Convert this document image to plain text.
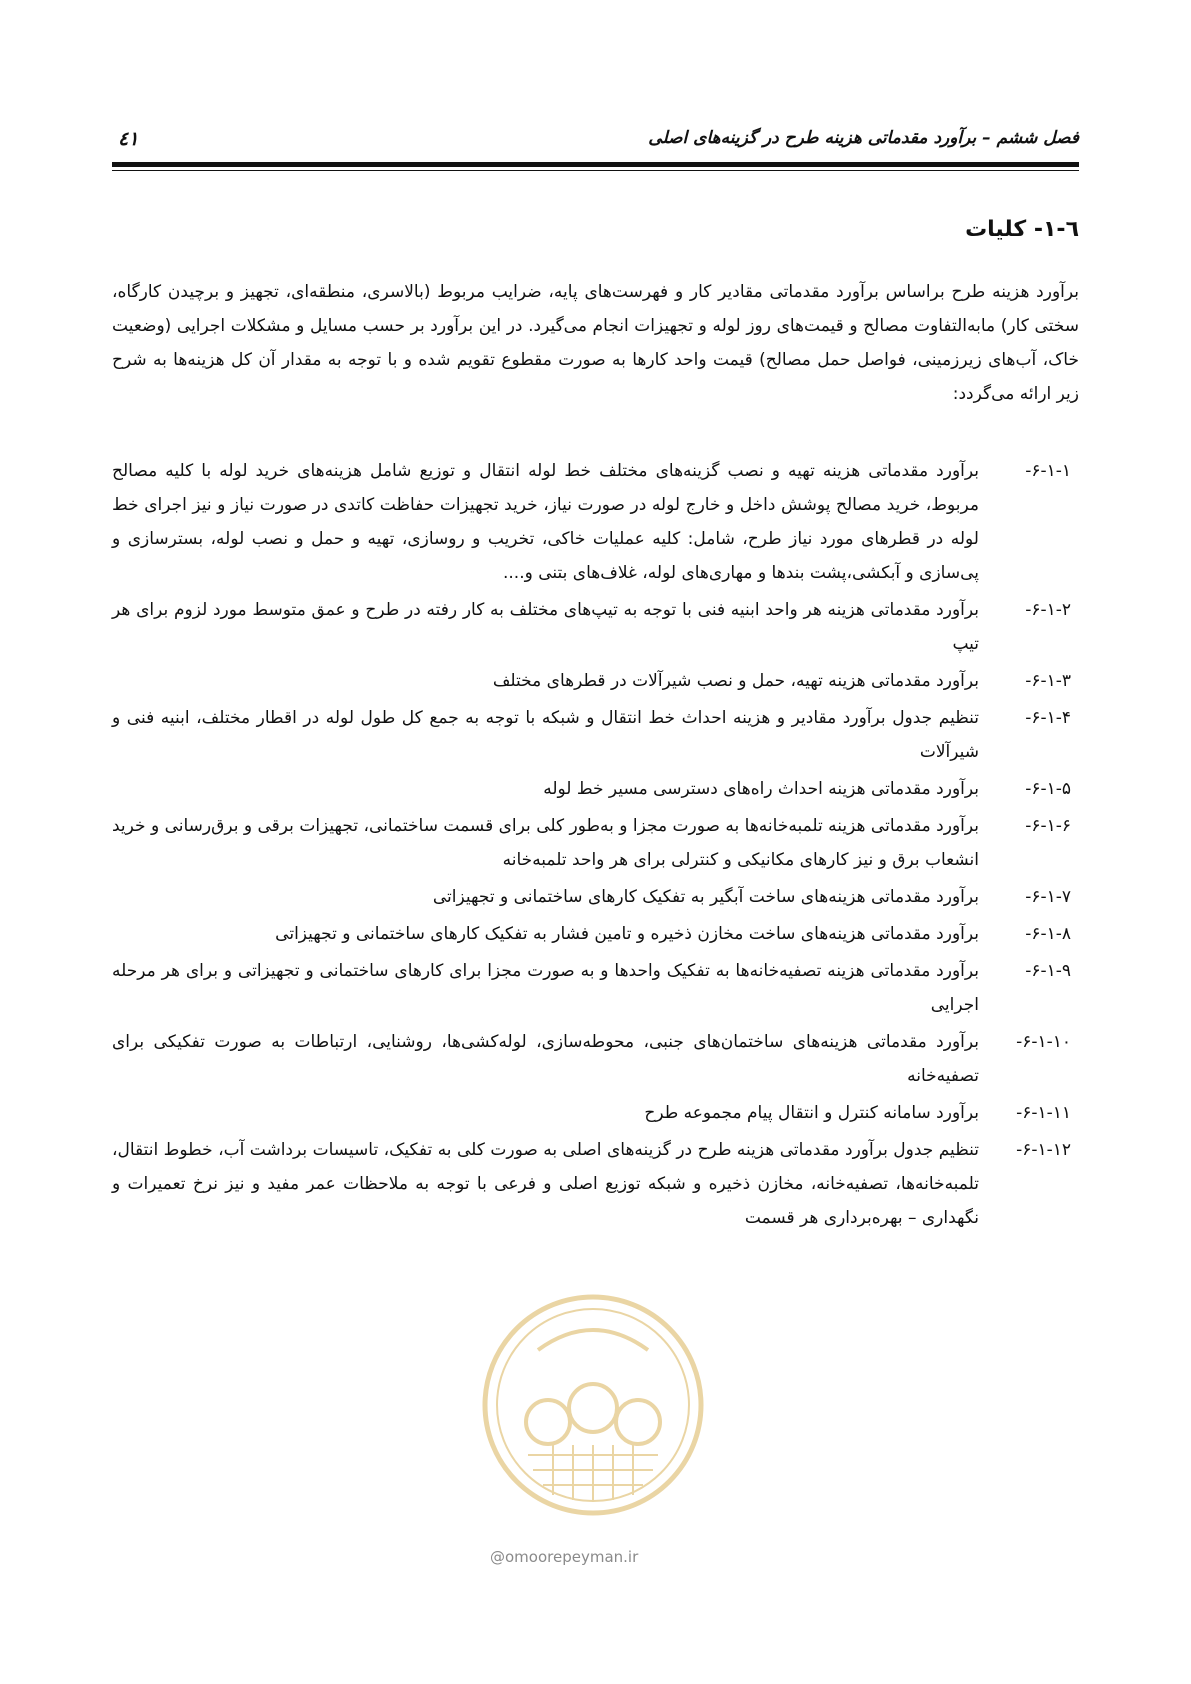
فصل ششم – برآورد مقدماتی هزینه طرح در گزینه‌های اصلی
٤١
٦-١- کلیات

برآورد هزینه طرح براساس برآورد مقدماتی مقادیر کار و فهرست‌های پایه، ضرایب مربوط (بالاسری، منطقه‌ای، تجهیز و برچیدن کارگاه، سختی کار) مابه‌التفاوت مصالح و قیمت‌های روز لوله و تجهیزات انجام می‌گیرد. در این برآورد بر حسب مسایل و مشکلات اجرایی (وضعیت خاک، آب‌های زیرزمینی، فواصل حمل مصالح) قیمت واحد کارها به صورت مقطوع تقویم شده و با توجه به مقدار آن کل هزینه‌ها به شرح زیر ارائه می‌گردد:

۶-۱-۱-
برآورد مقدماتی هزینه تهیه و نصب گزینه‌های مختلف خط لوله انتقال و توزیع شامل هزینه‌های خرید لوله با کلیه مصالح مربوط، خرید مصالح پوشش داخل و خارج لوله در صورت نیاز، خرید تجهیزات حفاظت کاتدی در صورت نیاز و نیز اجرای خط لوله در قطرهای مورد نیاز طرح، شامل: کلیه عملیات خاکی، تخریب و روسازی، تهیه و حمل و نصب لوله، بسترسازی و پی‌سازی و آبکشی،پشت بندها و مهاری‌های لوله، غلاف‌های بتنی و....
۶-۱-۲-
برآورد مقدماتی هزینه هر واحد ابنیه فنی با توجه به تیپ‌های مختلف به کار رفته در طرح و عمق متوسط مورد لزوم برای هر تیپ
۶-۱-۳-
برآورد مقدماتی هزینه تهیه، حمل و نصب شیرآلات در قطرهای مختلف
۶-۱-۴-
تنظیم جدول برآورد مقادیر و هزینه احداث خط انتقال و شبکه با توجه به جمع کل طول لوله در اقطار مختلف، ابنیه فنی و شیرآلات
۶-۱-۵-
برآورد مقدماتی هزینه احداث راه‌های دسترسی مسیر خط لوله
۶-۱-۶-
برآورد مقدماتی هزینه تلمبه‌خانه‌ها به صورت مجزا و به‌طور کلی برای قسمت ساختمانی، تجهیزات برقی و برق‌رسانی و خرید انشعاب برق و نیز کارهای مکانیکی و کنترلی برای هر واحد تلمبه‌خانه
۶-۱-۷-
برآورد مقدماتی هزینه‌های ساخت آبگیر به تفکیک کارهای ساختمانی و تجهیزاتی
۶-۱-۸-
برآورد مقدماتی هزینه‌های ساخت مخازن ذخیره و تامین فشار به تفکیک کارهای ساختمانی و تجهیزاتی
۶-۱-۹-
برآورد مقدماتی هزینه تصفیه‌خانه‌ها به تفکیک واحدها و به صورت مجزا برای کارهای ساختمانی و تجهیزاتی و برای هر مرحله اجرایی
۶-۱-۱۰-
برآورد مقدماتی هزینه‌های ساختمان‌های جنبی، محوطه‌سازی، لوله‌کشی‌ها، روشنایی، ارتباطات به صورت تفکیکی برای تصفیه‌خانه
۶-۱-۱۱-
برآورد سامانه کنترل و انتقال پیام مجموعه طرح
۶-۱-۱۲-
تنظیم جدول برآورد مقدماتی هزینه طرح در گزینه‌های اصلی به صورت کلی به تفکیک، تاسیسات برداشت آب، خطوط انتقال، تلمبه‌خانه‌ها، تصفیه‌خانه، مخازن ذخیره و شبکه توزیع اصلی و فرعی با توجه به ملاحظات عمر مفید و نیز نرخ تعمیرات و نگهداری – بهره‌برداری هر قسمت
@omoorepeyman.ir
